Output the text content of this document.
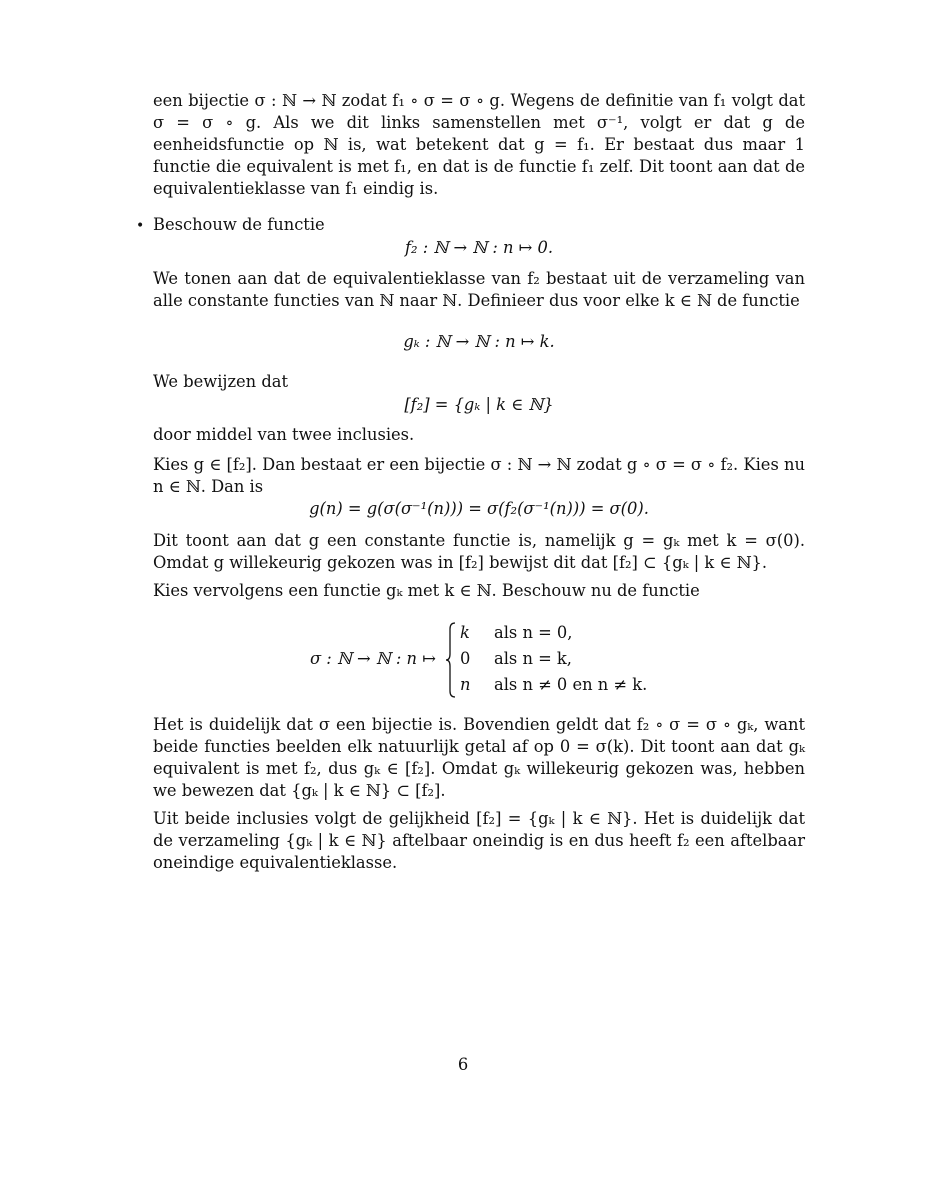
een bijectie σ : ℕ → ℕ zodat f₁ ∘ σ = σ ∘ g. Wegens de definitie van f₁ volgt dat σ = σ ∘ g. Als we dit links samenstellen met σ⁻¹, volgt er dat g de eenheidsfunctie op ℕ is, wat betekent dat g = f₁. Er bestaat dus maar 1 functie die equivalent is met f₁, en dat is de functie f₁ zelf. Dit toont aan dat de equivalentieklasse van f₁ eindig is.

• Beschouw de functie

f₂ : ℕ → ℕ : n ↦ 0.

We tonen aan dat de equivalentieklasse van f₂ bestaat uit de verzameling van alle constante functies van ℕ naar ℕ. Definieer dus voor elke k ∈ ℕ de functie

gₖ : ℕ → ℕ : n ↦ k.

We bewijzen dat

[f₂] = {gₖ | k ∈ ℕ}

door middel van twee inclusies.

Kies g ∈ [f₂]. Dan bestaat er een bijectie σ : ℕ → ℕ zodat g ∘ σ = σ ∘ f₂. Kies nu n ∈ ℕ. Dan is

g(n) = g(σ(σ⁻¹(n))) = σ(f₂(σ⁻¹(n))) = σ(0).

Dit toont aan dat g een constante functie is, namelijk g = gₖ met k = σ(0). Omdat g willekeurig gekozen was in [f₂] bewijst dit dat [f₂] ⊂ {gₖ | k ∈ ℕ}.

Kies vervolgens een functie gₖ met k ∈ ℕ. Beschouw nu de functie

σ : ℕ → ℕ : n ↦
k als n = 0,
0 als n = k,
n als n ≠ 0 en n ≠ k.

Het is duidelijk dat σ een bijectie is. Bovendien geldt dat f₂ ∘ σ = σ ∘ gₖ, want beide functies beelden elk natuurlijk getal af op 0 = σ(k). Dit toont aan dat gₖ equivalent is met f₂, dus gₖ ∈ [f₂]. Omdat gₖ willekeurig gekozen was, hebben we bewezen dat {gₖ | k ∈ ℕ} ⊂ [f₂].

Uit beide inclusies volgt de gelijkheid [f₂] = {gₖ | k ∈ ℕ}. Het is duidelijk dat de verzameling {gₖ | k ∈ ℕ} aftelbaar oneindig is en dus heeft f₂ een aftelbaar oneindige equivalentieklasse.

6
